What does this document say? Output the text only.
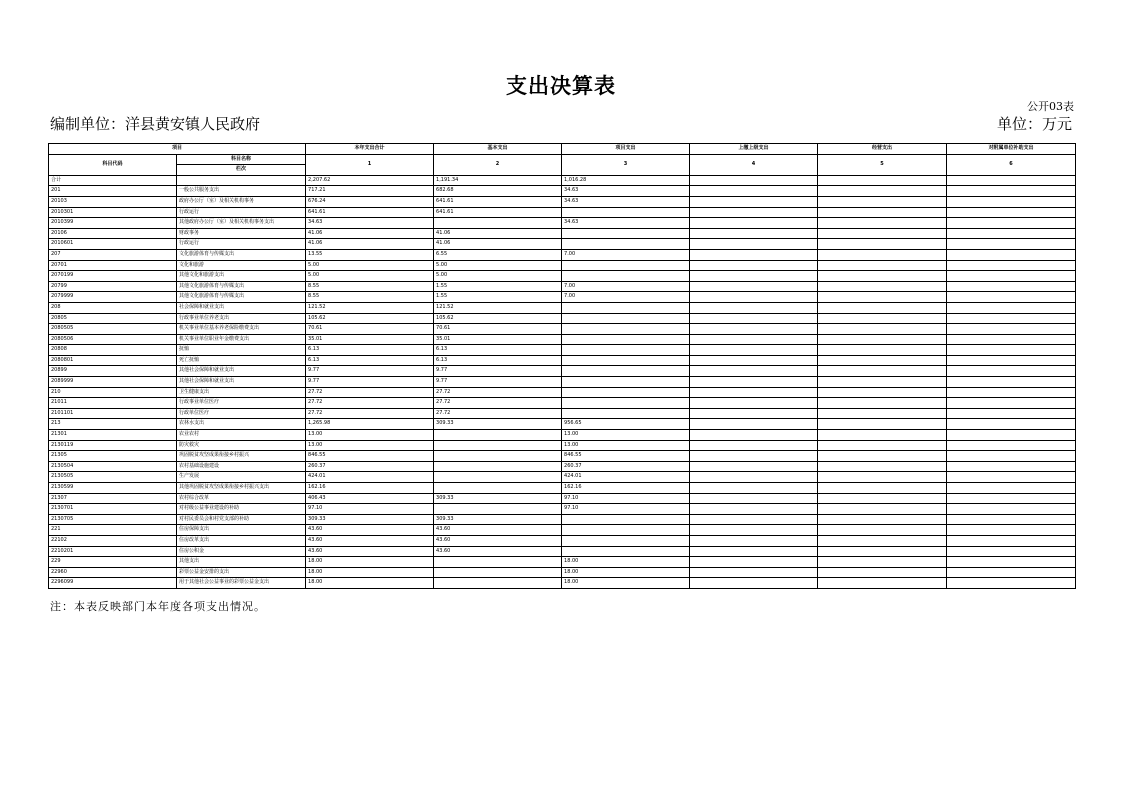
支出决算表
公开03表
编制单位：洋县黄安镇人民政府	单位：万元
项目		本年支出合计	基本支出	项目支出	上缴上级支出	经营支出	对附属单位补助支出
科目代码	科目名称	1	2	3	4	5	6
	栏次						
合计		2,207.62	1,191.34	1,016.28			
201	一般公共服务支出	717.21	682.68	34.63			
20103	政府办公厅（室）及相关机构事务	676.24	641.61	34.63			
2010301	行政运行	641.61	641.61				
2010399	其他政府办公厅（室）及相关机构事务支出	34.63		34.63			
20106	财政事务	41.06	41.06				
2010601	行政运行	41.06	41.06				
207	文化旅游体育与传媒支出	13.55	6.55	7.00			
20701	文化和旅游	5.00	5.00				
2070199	其他文化和旅游支出	5.00	5.00				
20799	其他文化旅游体育与传媒支出	8.55	1.55	7.00			
2079999	其他文化旅游体育与传媒支出	8.55	1.55	7.00			
208	社会保障和就业支出	121.52	121.52				
20805	行政事业单位养老支出	105.62	105.62				
2080505	机关事业单位基本养老保险缴费支出	70.61	70.61				
2080506	机关事业单位职业年金缴费支出	35.01	35.01				
20808	抚恤	6.13	6.13				
2080801	死亡抚恤	6.13	6.13				
20899	其他社会保障和就业支出	9.77	9.77				
2089999	其他社会保障和就业支出	9.77	9.77				
210	卫生健康支出	27.72	27.72				
21011	行政事业单位医疗	27.72	27.72				
2101101	行政单位医疗	27.72	27.72				
213	农林水支出	1,265.98	309.33	956.65			
21301	农业农村	13.00		13.00			
2130119	防灾救灾	13.00		13.00			
21305	巩固脱贫攻坚成果衔接乡村振兴	846.55		846.55			
2130504	农村基础设施建设	260.37		260.37			
2130505	生产发展	424.01		424.01			
2130599	其他巩固脱贫攻坚成果衔接乡村振兴支出	162.16		162.16			
21307	农村综合改革	406.43	309.33	97.10			
2130701	对村级公益事业建设的补助	97.10		97.10			
2130705	对村民委员会和村党支部的补助	309.33	309.33				
221	住房保障支出	43.60	43.60				
22102	住房改革支出	43.60	43.60				
2210201	住房公积金	43.60	43.60				
229	其他支出	18.00		18.00			
22960	彩票公益金安排的支出	18.00		18.00			
2296099	用于其他社会公益事业的彩票公益金支出	18.00		18.00			
注：本表反映部门本年度各项支出情况。
